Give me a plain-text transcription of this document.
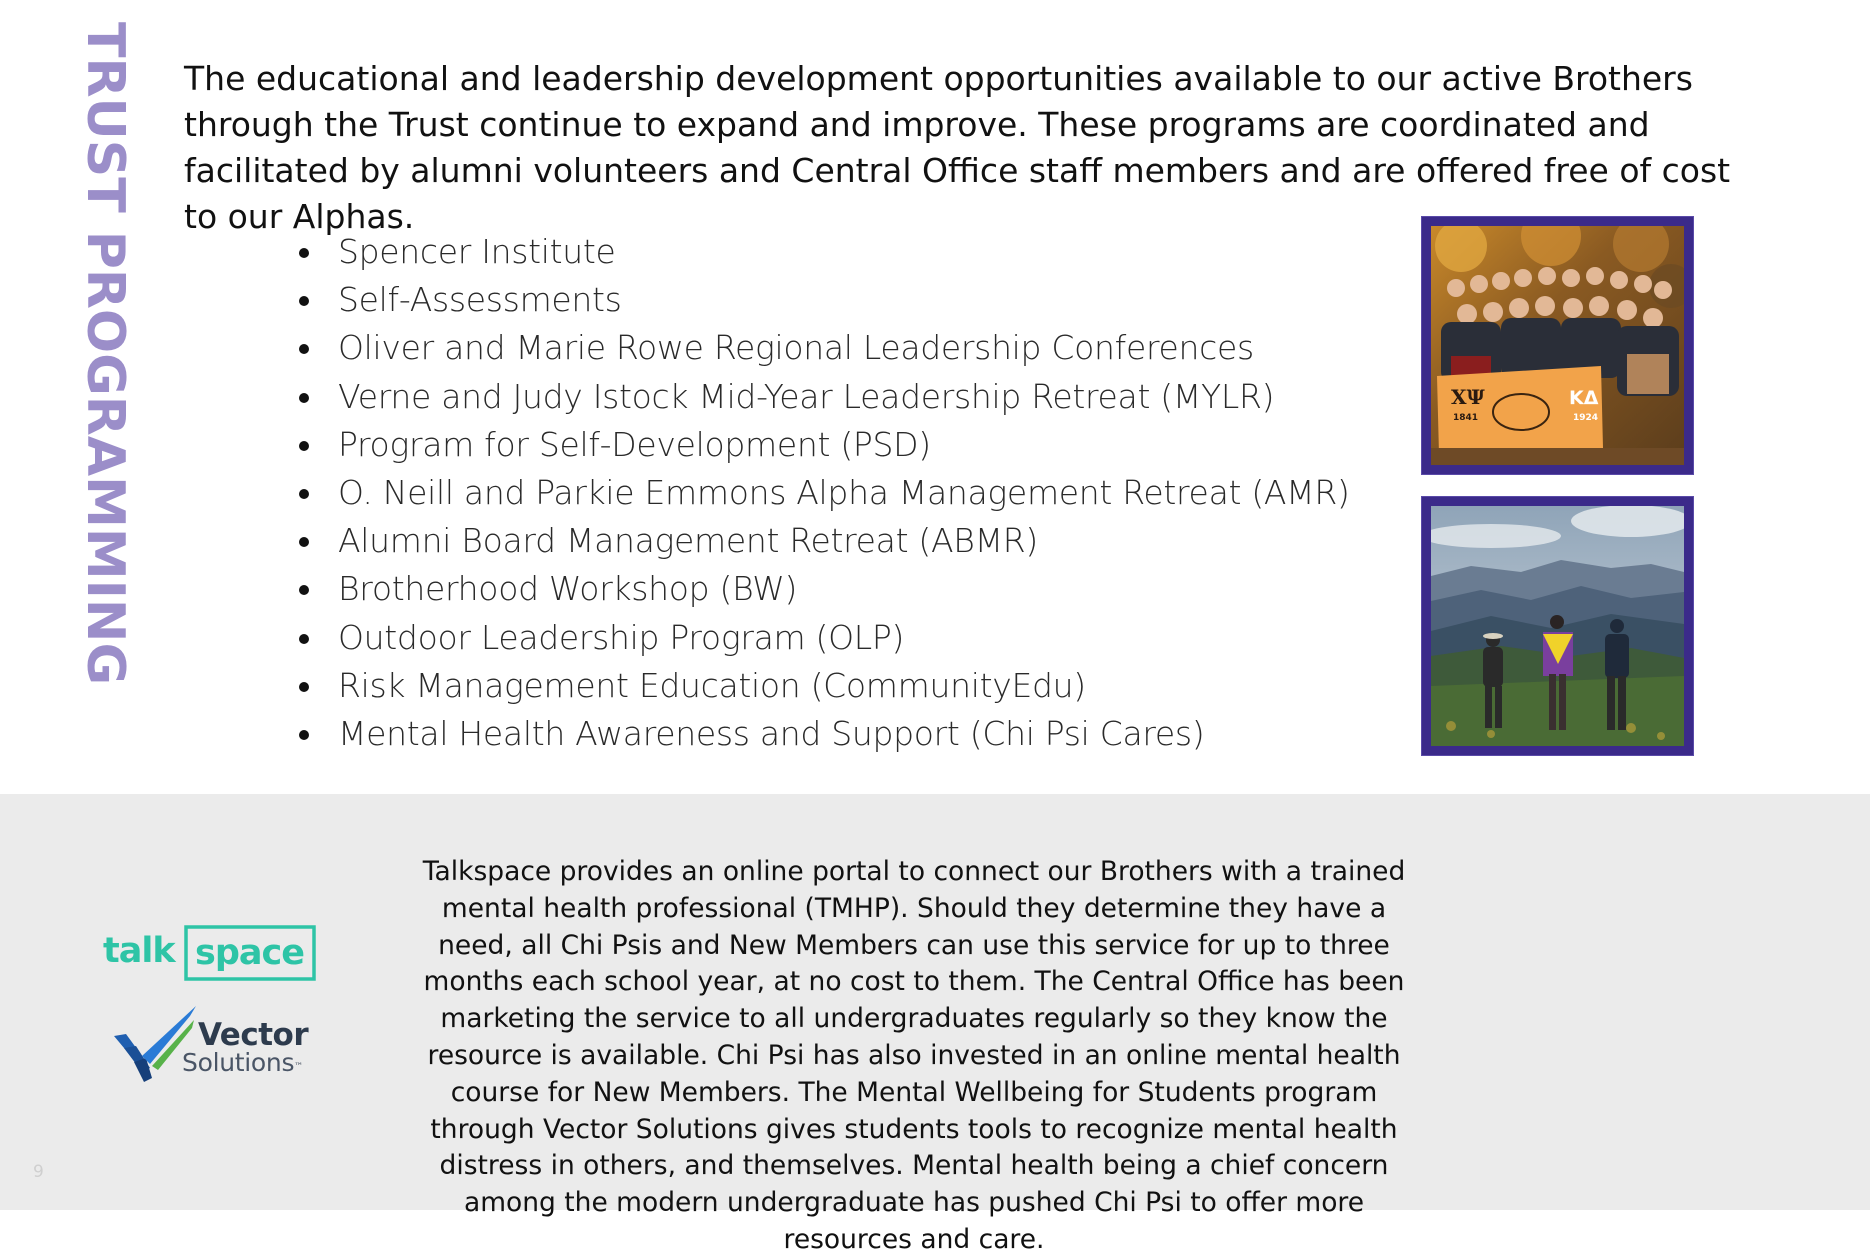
TRUST PROGRAMMING The educational and leadership development opportunities available to our active Brothers through the Trust continue to expand and improve. These programs are coordinated and facilitated by alumni volunteers and Central Office staff members and are offered free of cost to our Alphas.

Spencer Institute
Self-Assessments
Oliver and Marie Rowe Regional Leadership Conferences
Verne and Judy Istock Mid-Year Leadership Retreat (MYLR)
Program for Self-Development (PSD)
O. Neill and Parkie Emmons Alpha Management Retreat (AMR)
Alumni Board Management Retreat (ABMR)
Brotherhood Workshop (BW)
Outdoor Leadership Program (OLP)
Risk Management Education (CommunityEdu)
Mental Health Awareness and Support (Chi Psi Cares)
ΧΨ
1841
ΚΔ
1924
talk space
Vector
Solutions™

Talkspace provides an online portal to connect our Brothers with a trained mental health professional (TMHP). Should they determine they have a need, all Chi Psis and New Members can use this service for up to three months each school year, at no cost to them. The Central Office has been marketing the service to all undergraduates regularly so they know the resource is available. Chi Psi has also invested in an online mental health course for New Members. The Mental Wellbeing for Students program through Vector Solutions gives students tools to recognize mental health distress in others, and themselves. Mental health being a chief concern among the modern undergraduate has pushed Chi Psi to offer more resources and care.

9
